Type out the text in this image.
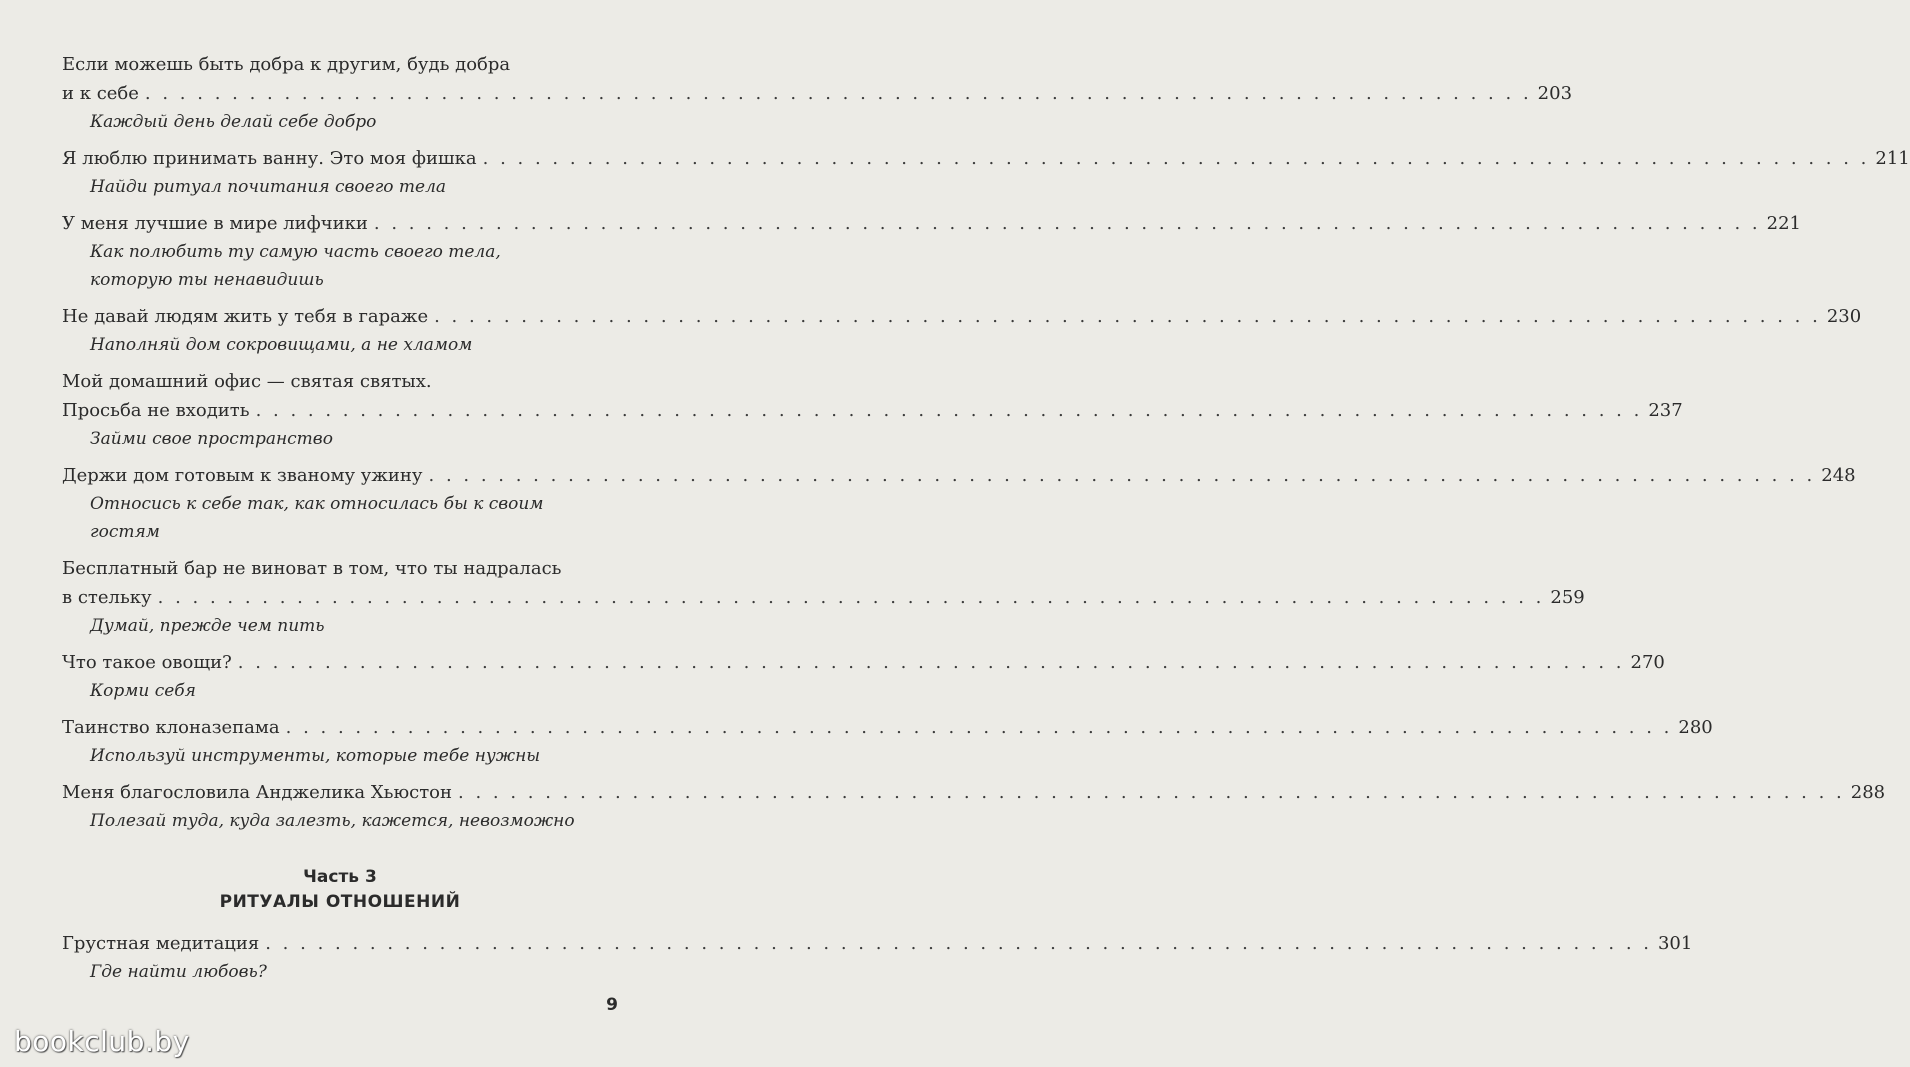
Если можешь быть добра к другим, будь добра
и к себе . . . . . . . . . . . . . . . . . . . . . . . . . . . . . . . . . . . . . . . . . . . . . . . . . . . . . . . . . . . . . . . . . . . . . . . . . . . . . . . . 203
Каждый день делай себе добро
Я люблю принимать ванну. Это моя фишка . . . . . . . . . . . . . . . . . . . . . . . . . . . . . . . . . . . . . . . . . . . . . . . . . . . . . . . . . . . . . . . . . . . . . . . . . . . . . . . . 211
Найди ритуал почитания своего тела
У меня лучшие в мире лифчики . . . . . . . . . . . . . . . . . . . . . . . . . . . . . . . . . . . . . . . . . . . . . . . . . . . . . . . . . . . . . . . . . . . . . . . . . . . . . . . . 221
Как полюбить ту самую часть своего тела,
которую ты ненавидишь
Не давай людям жить у тебя в гараже . . . . . . . . . . . . . . . . . . . . . . . . . . . . . . . . . . . . . . . . . . . . . . . . . . . . . . . . . . . . . . . . . . . . . . . . . . . . . . . . 230
Наполняй дом сокровищами, а не хламом
Мой домашний офис — святая святых.
Просьба не входить . . . . . . . . . . . . . . . . . . . . . . . . . . . . . . . . . . . . . . . . . . . . . . . . . . . . . . . . . . . . . . . . . . . . . . . . . . . . . . . . 237
Займи свое пространство
Держи дом готовым к званому ужину . . . . . . . . . . . . . . . . . . . . . . . . . . . . . . . . . . . . . . . . . . . . . . . . . . . . . . . . . . . . . . . . . . . . . . . . . . . . . . . . 248
Относись к себе так, как относилась бы к своим
гостям
Бесплатный бар не виноват в том, что ты надралась
в стельку . . . . . . . . . . . . . . . . . . . . . . . . . . . . . . . . . . . . . . . . . . . . . . . . . . . . . . . . . . . . . . . . . . . . . . . . . . . . . . . . 259
Думай, прежде чем пить
Что такое овощи? . . . . . . . . . . . . . . . . . . . . . . . . . . . . . . . . . . . . . . . . . . . . . . . . . . . . . . . . . . . . . . . . . . . . . . . . . . . . . . . . 270
Корми себя
Таинство клоназепама . . . . . . . . . . . . . . . . . . . . . . . . . . . . . . . . . . . . . . . . . . . . . . . . . . . . . . . . . . . . . . . . . . . . . . . . . . . . . . . . 280
Используй инструменты, которые тебе нужны
Меня благословила Анджелика Хьюстон . . . . . . . . . . . . . . . . . . . . . . . . . . . . . . . . . . . . . . . . . . . . . . . . . . . . . . . . . . . . . . . . . . . . . . . . . . . . . . . . 288
Полезай туда, куда залезть, кажется, невозможно
Часть 3
РИТУАЛЫ ОТНОШЕНИЙ
Грустная медитация . . . . . . . . . . . . . . . . . . . . . . . . . . . . . . . . . . . . . . . . . . . . . . . . . . . . . . . . . . . . . . . . . . . . . . . . . . . . . . . . 301
Где найти любовь?
9
bookclub.by
